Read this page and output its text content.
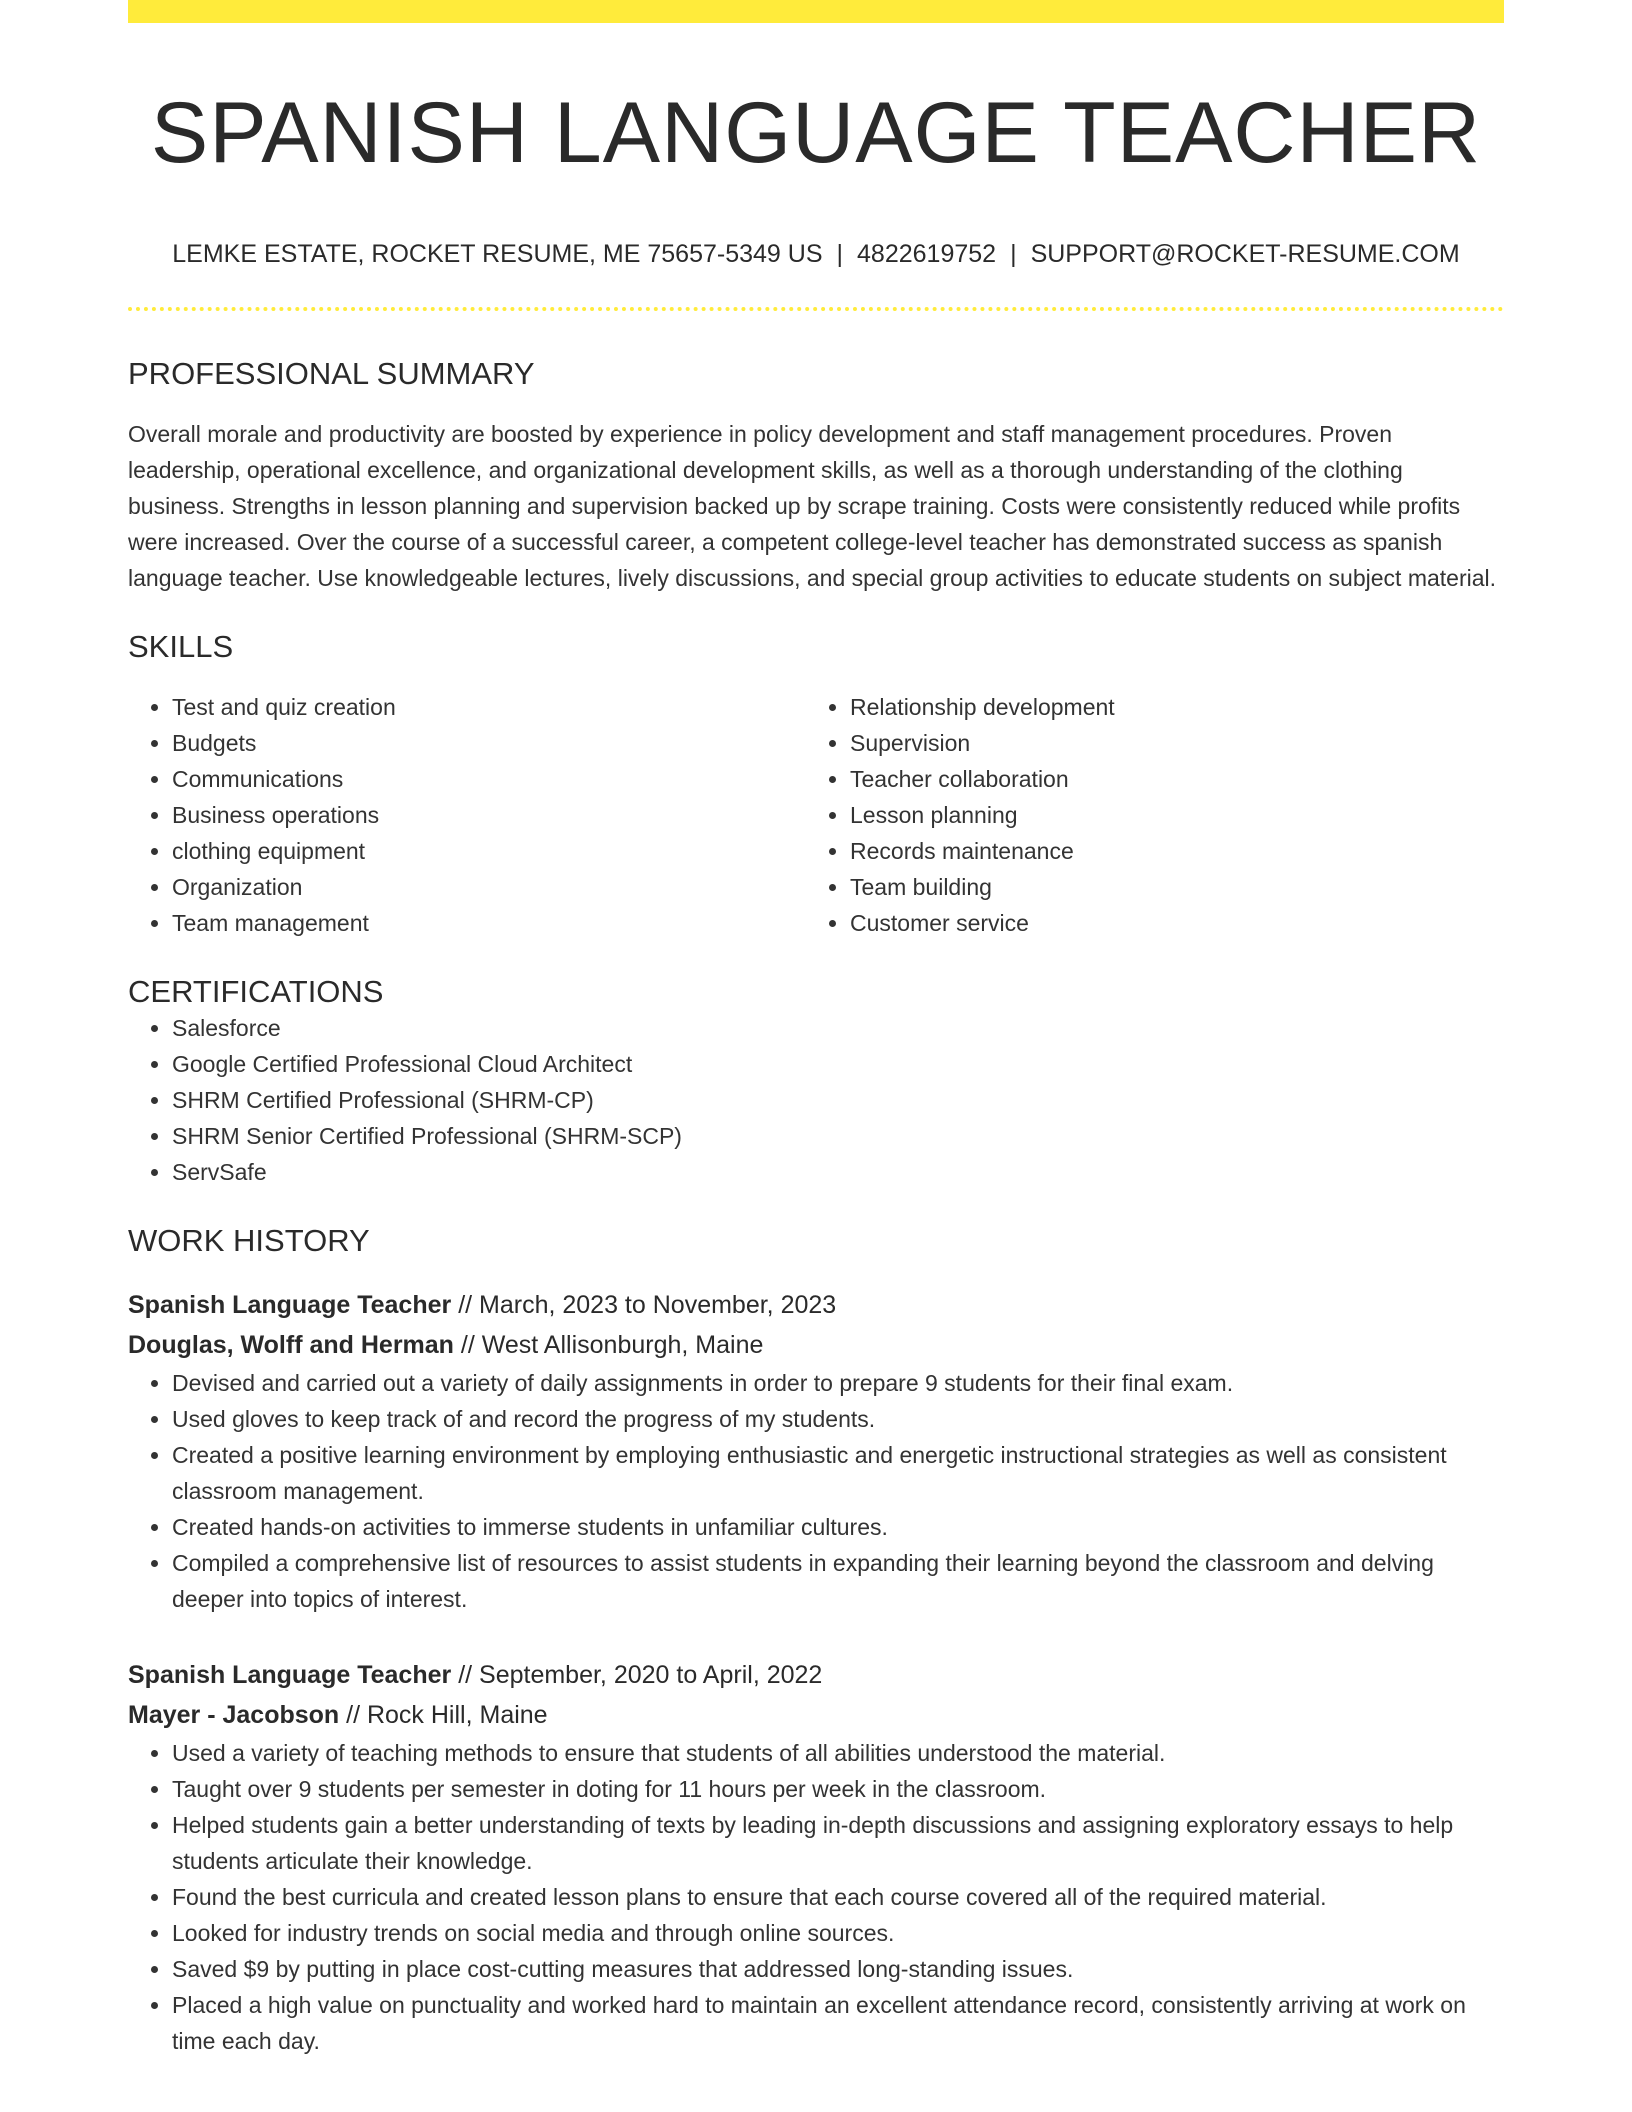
SPANISH LANGUAGE TEACHER
LEMKE ESTATE, ROCKET RESUME, ME 75657-5349 US | 4822619752 | SUPPORT@ROCKET-RESUME.COM
PROFESSIONAL SUMMARY

Overall morale and productivity are boosted by experience in policy development and staff management procedures. Proven leadership, operational excellence, and organizational development skills, as well as a thorough understanding of the clothing business. Strengths in lesson planning and supervision backed up by scrape training. Costs were consistently reduced while profits were increased. Over the course of a successful career, a competent college-level teacher has demonstrated success as spanish language teacher. Use knowledgeable lectures, lively discussions, and special group activities to educate students on subject material.

SKILLS
• Test and quiz creation
• Budgets
• Communications
• Business operations
• clothing equipment
• Organization
• Team management
• Relationship development
• Supervision
• Teacher collaboration
• Lesson planning
• Records maintenance
• Team building
• Customer service
CERTIFICATIONS
• Salesforce
• Google Certified Professional Cloud Architect
• SHRM Certified Professional (SHRM-CP)
• SHRM Senior Certified Professional (SHRM-SCP)
• ServSafe
WORK HISTORY
Spanish Language Teacher // March, 2023 to November, 2023
Douglas, Wolff and Herman // West Allisonburgh, Maine
• Devised and carried out a variety of daily assignments in order to prepare 9 students for their final exam.
• Used gloves to keep track of and record the progress of my students.
• Created a positive learning environment by employing enthusiastic and energetic instructional strategies as well as consistent classroom management.
• Created hands-on activities to immerse students in unfamiliar cultures.
• Compiled a comprehensive list of resources to assist students in expanding their learning beyond the classroom and delving deeper into topics of interest.
Spanish Language Teacher // September, 2020 to April, 2022
Mayer - Jacobson // Rock Hill, Maine
• Used a variety of teaching methods to ensure that students of all abilities understood the material.
• Taught over 9 students per semester in doting for 11 hours per week in the classroom.
• Helped students gain a better understanding of texts by leading in-depth discussions and assigning exploratory essays to help students articulate their knowledge.
• Found the best curricula and created lesson plans to ensure that each course covered all of the required material.
• Looked for industry trends on social media and through online sources.
• Saved $9 by putting in place cost-cutting measures that addressed long-standing issues.
• Placed a high value on punctuality and worked hard to maintain an excellent attendance record, consistently arriving at work on time each day.
